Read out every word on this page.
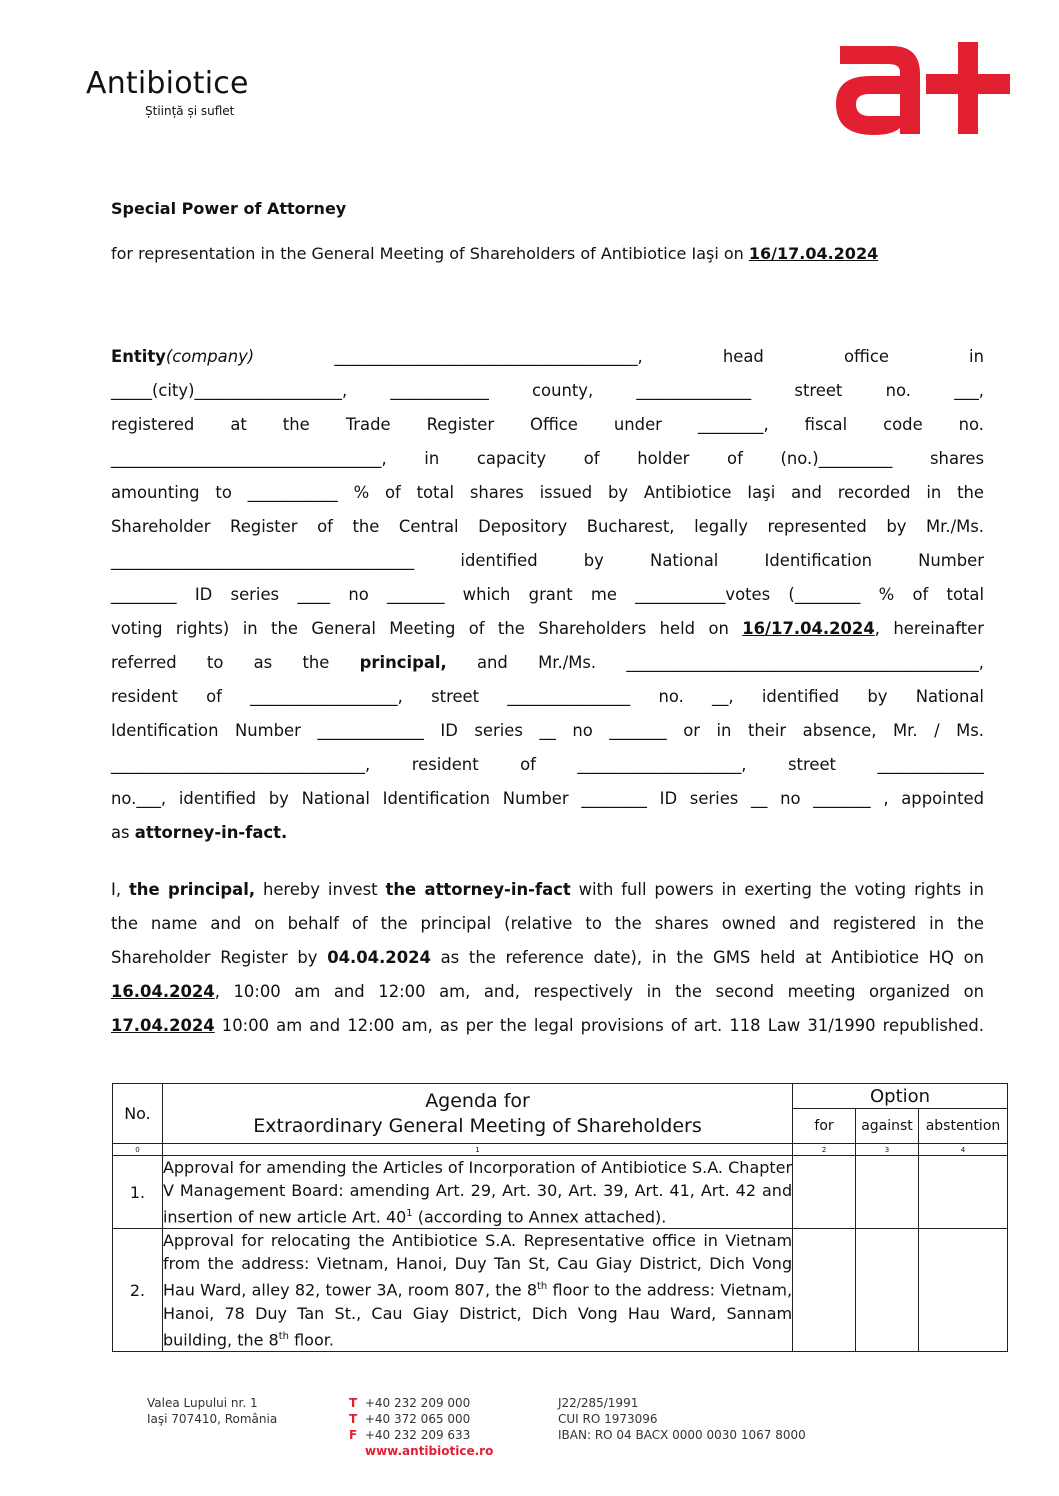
Antibiotice
Știință și suflet
Special Power of Attorney
for representation in the General Meeting of Shareholders of Antibiotice Iaşi on 16/17.04.2024
Entity(company) _____________________________________, head office in
_____(city)__________________, ____________ county, ______________ street no. ___,
registered at the Trade Register Office under ________, fiscal code no.
_________________________________, in capacity of holder of (no.)_________ shares
amounting to ___________ % of total shares issued by Antibiotice Iaşi and recorded in the
Shareholder Register of the Central Depository Bucharest, legally represented by Mr./Ms.
_____________________________________ identified by National Identification Number
________ ID series ____ no _______ which grant me ___________votes (________ % of total
voting rights) in the General Meeting of the Shareholders held on 16/17.04.2024, hereinafter
referred to as the principal, and Mr./Ms. ___________________________________________,
resident of __________________, street _______________ no. __, identified by National
Identification Number _____________ ID series __ no _______ or in their absence, Mr. / Ms.
_______________________________, resident of ____________________, street _____________
no.___, identified by National Identification Number ________ ID series __ no _______ , appointed
as attorney-in-fact.
I, the principal, hereby invest the attorney-in-fact with full powers in exerting the voting rights in
the name and on behalf of the principal (relative to the shares owned and registered in the
Shareholder Register by 04.04.2024 as the reference date), in the GMS held at Antibiotice HQ on
16.04.2024, 10:00 am and 12:00 am, and, respectively in the second meeting organized on
17.04.2024 10:00 am and 12:00 am, as per the legal provisions of art. 118 Law 31/1990 republished.
No.	Agenda for
Extraordinary General Meeting of Shareholders	Option		
		for	against	abstention
0	1	2	3	4
1.	Approval for amending the Articles of Incorporation of Antibiotice S.A. Chapter V Management Board: amending Art. 29, Art. 30, Art. 39, Art. 41, Art. 42 and insertion of new article Art. $40^1$ (according to Annex attached).			
2.	Approval for relocating the Antibiotice S.A. Representative office in Vietnam from the address: Vietnam, Hanoi, Duy Tan St, Cau Giay District, Dich Vong Hau Ward, alley 82, tower 3A, room 807, the 8th floor to the address: Vietnam, Hanoi, 78 Duy Tan St., Cau Giay District, Dich Vong Hau Ward, Sannam building, the 8th floor.			
Valea Lupului nr. 1
Iaşi 707410, România
T +40 232 209 000
T +40 372 065 000
F +40 232 209 633
www.antibiotice.ro
J22/285/1991
CUI RO 1973096
IBAN: RO 04 BACX 0000 0030 1067 8000
